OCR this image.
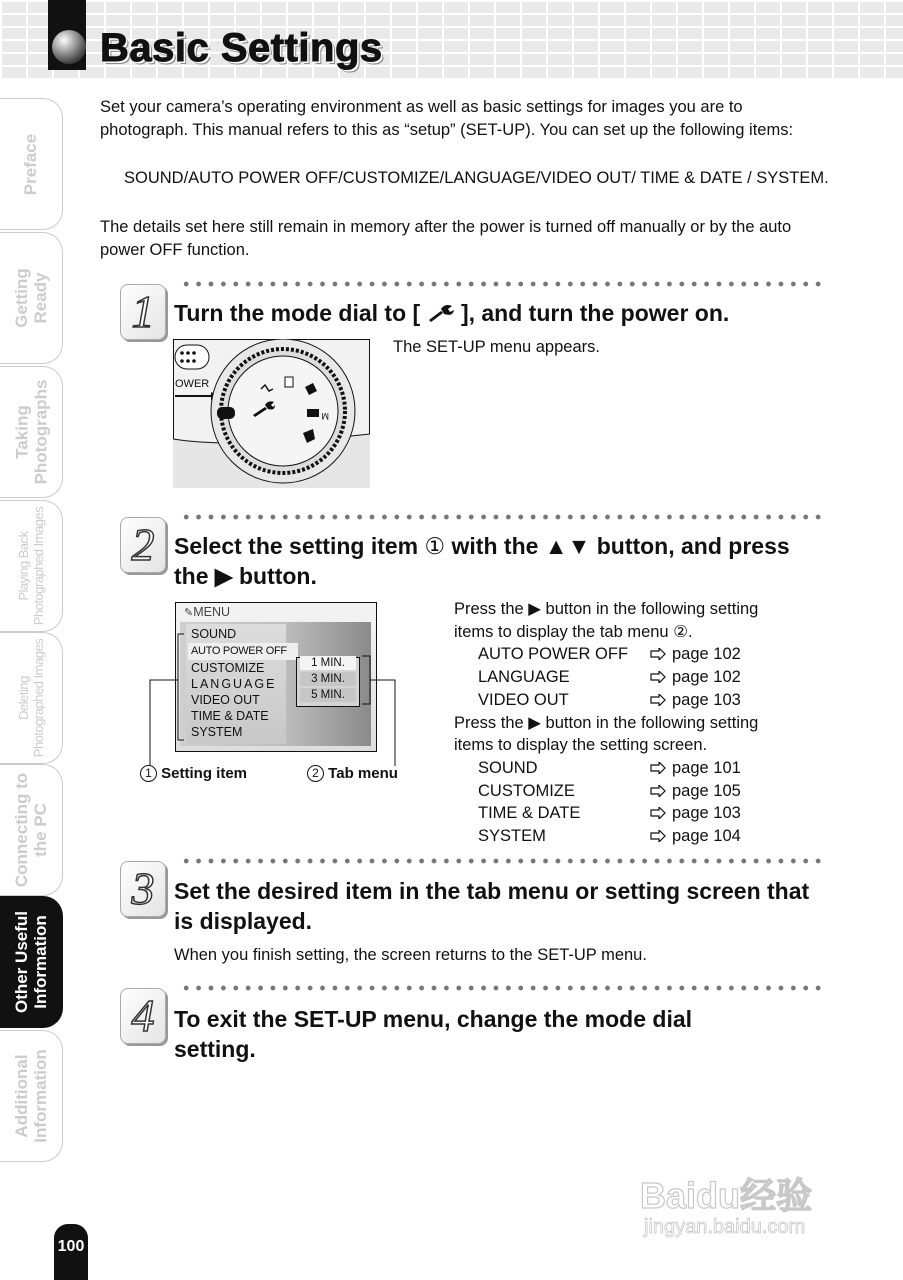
Basic Settings
Preface
Getting
Ready
Taking
Photographs
Playing Back
Photographed Images
Deleting
Photographed Images
Connecting to
the PC
Other Useful
Information
Additional
Information
Set your camera’s operating environment as well as basic settings for images you are to photograph. This manual refers to this as “setup” (SET-UP). You can set up the following items:
SOUND/AUTO POWER OFF/CUSTOMIZE/LANGUAGE/VIDEO OUT/ TIME & DATE / SYSTEM.
The details set here still remain in memory after the power is turned off manually or by the auto power OFF function.
1 Turn the mode dial to [ ], and turn the power on.
The SET-UP menu appears.
OWER
M
2 Select the setting item ① with the ▲▼ button, and press
the ▶ button.
✎MENU
SOUND
AUTO POWER OFF
CUSTOMIZE
LANGUAGE
VIDEO OUT
TIME & DATE
SYSTEM
1 MIN.
3 MIN.
5 MIN.
1 Setting item	2 Tab menu
Press the ▶ button in the following setting
items to display the tab menu ②.
AUTO POWER OFF	page 102
LANGUAGE	page 102
VIDEO OUT	page 103
Press the ▶ button in the following setting
items to display the setting screen.
SOUND	page 101
CUSTOMIZE	page 105
TIME & DATE	page 103
SYSTEM	page 104
3 Set the desired item in the tab menu or setting screen that is displayed.
When you finish setting, the screen returns to the SET-UP menu.
4 To exit the SET-UP menu, change the mode dial setting.
Baidu经验
jingyan.baidu.com
100
